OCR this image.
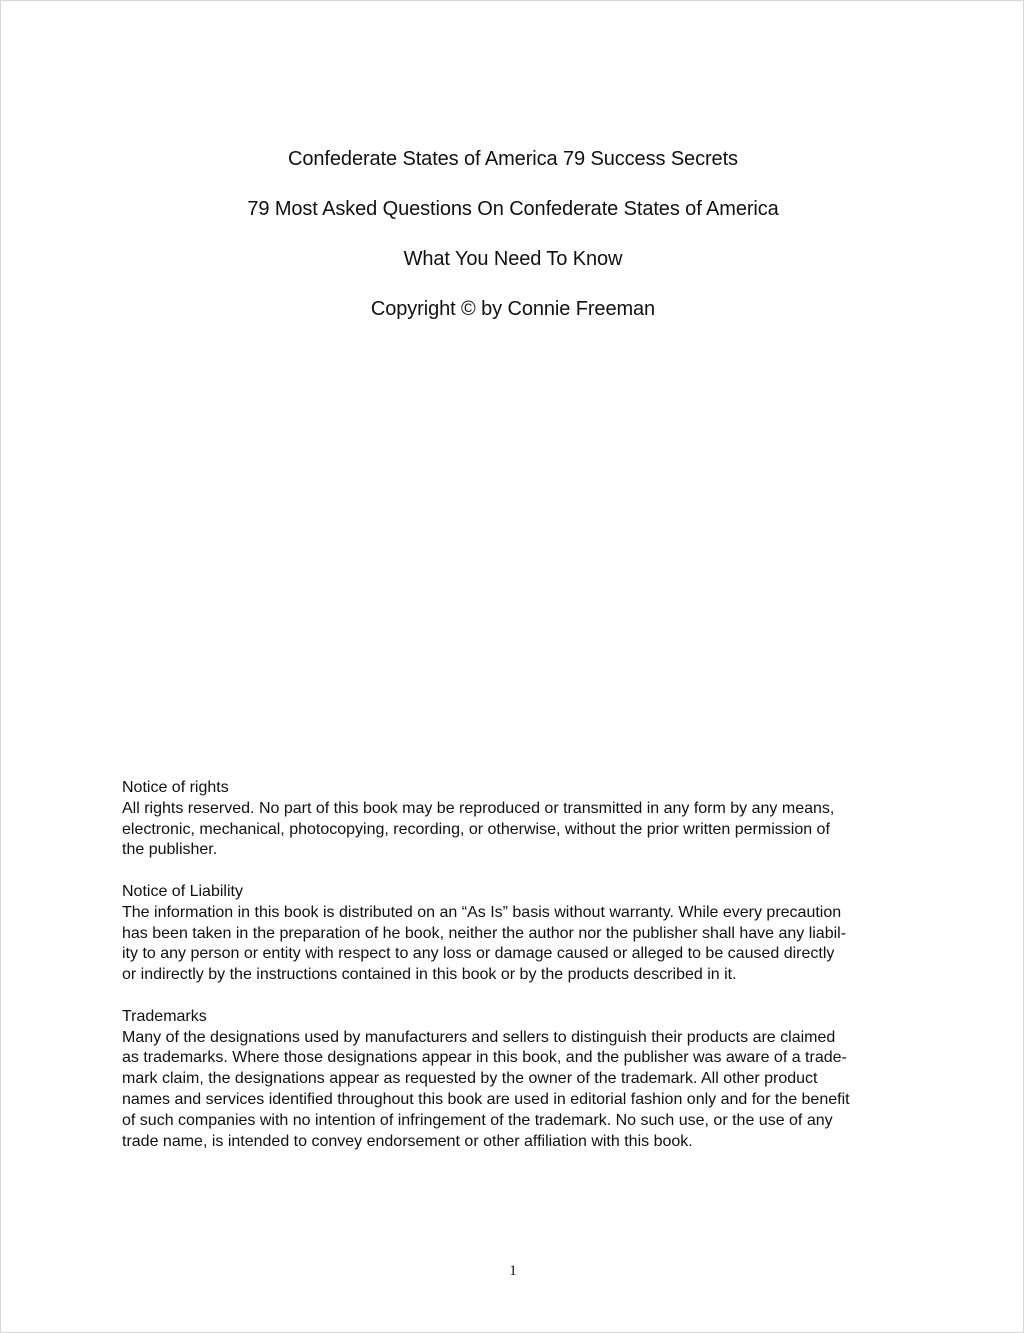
Confederate States of America 79 Success Secrets
79 Most Asked Questions On Confederate States of America
What You Need To Know
Copyright © by Connie Freeman
Notice of rights
All rights reserved. No part of this book may be reproduced or transmitted in any form by any means,
electronic, mechanical, photocopying, recording, or otherwise, without the prior written permission of
the publisher.
Notice of Liability
The information in this book is distributed on an “As Is” basis without warranty. While every precaution
has been taken in the preparation of he book, neither the author nor the publisher shall have any liabil-
ity to any person or entity with respect to any loss or damage caused or alleged to be caused directly
or indirectly by the instructions contained in this book or by the products described in it.
Trademarks
Many of the designations used by manufacturers and sellers to distinguish their products are claimed
as trademarks. Where those designations appear in this book, and the publisher was aware of a trade-
mark claim, the designations appear as requested by the owner of the trademark. All other product
names and services identified throughout this book are used in editorial fashion only and for the benefit
of such companies with no intention of infringement of the trademark. No such use, or the use of any
trade name, is intended to convey endorsement or other affiliation with this book.
1
